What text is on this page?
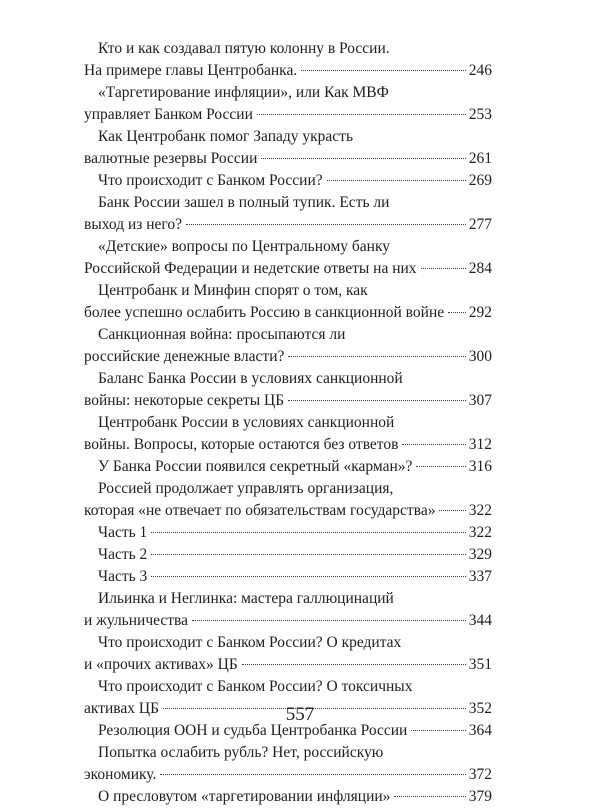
Кто и как создавал пятую колонну в России.
На примере главы Центробанка.	246
«Таргетирование инфляции», или Как МВФ
управляет Банком России	253
Как Центробанк помог Западу украсть
валютные резервы России	261
Что происходит с Банком России?	269
Банк России зашел в полный тупик. Есть ли
выход из него?	277
«Детские» вопросы по Центральному банку
Российской Федерации и недетские ответы на них	284
Центробанк и Минфин спорят о том, как
более успешно ослабить Россию в санкционной войне 292
Санкционная война: просыпаются ли
российские денежные власти?	300
Баланс Банка России в условиях санкционной
войны: некоторые секреты ЦБ	307
Центробанк России в условиях санкционной
войны. Вопросы, которые остаются без ответов	312
У Банка России появился секретный «карман»?	316
Россией продолжает управлять организация,
которая «не отвечает по обязательствам государства» 322
Часть 1	322
Часть 2	329
Часть 3	337
Ильинка и Неглинка: мастера галлюцинаций
и жульничества	344
Что происходит с Банком России? О кредитах
и «прочих активах» ЦБ	351
Что происходит с Банком России? О токсичных
активах ЦБ	352
Резолюция ООН и судьба Центробанка России	364
Попытка ослабить рубль? Нет, российскую
экономику.	372
О пресловутом «таргетировании инфляции»	379
557
